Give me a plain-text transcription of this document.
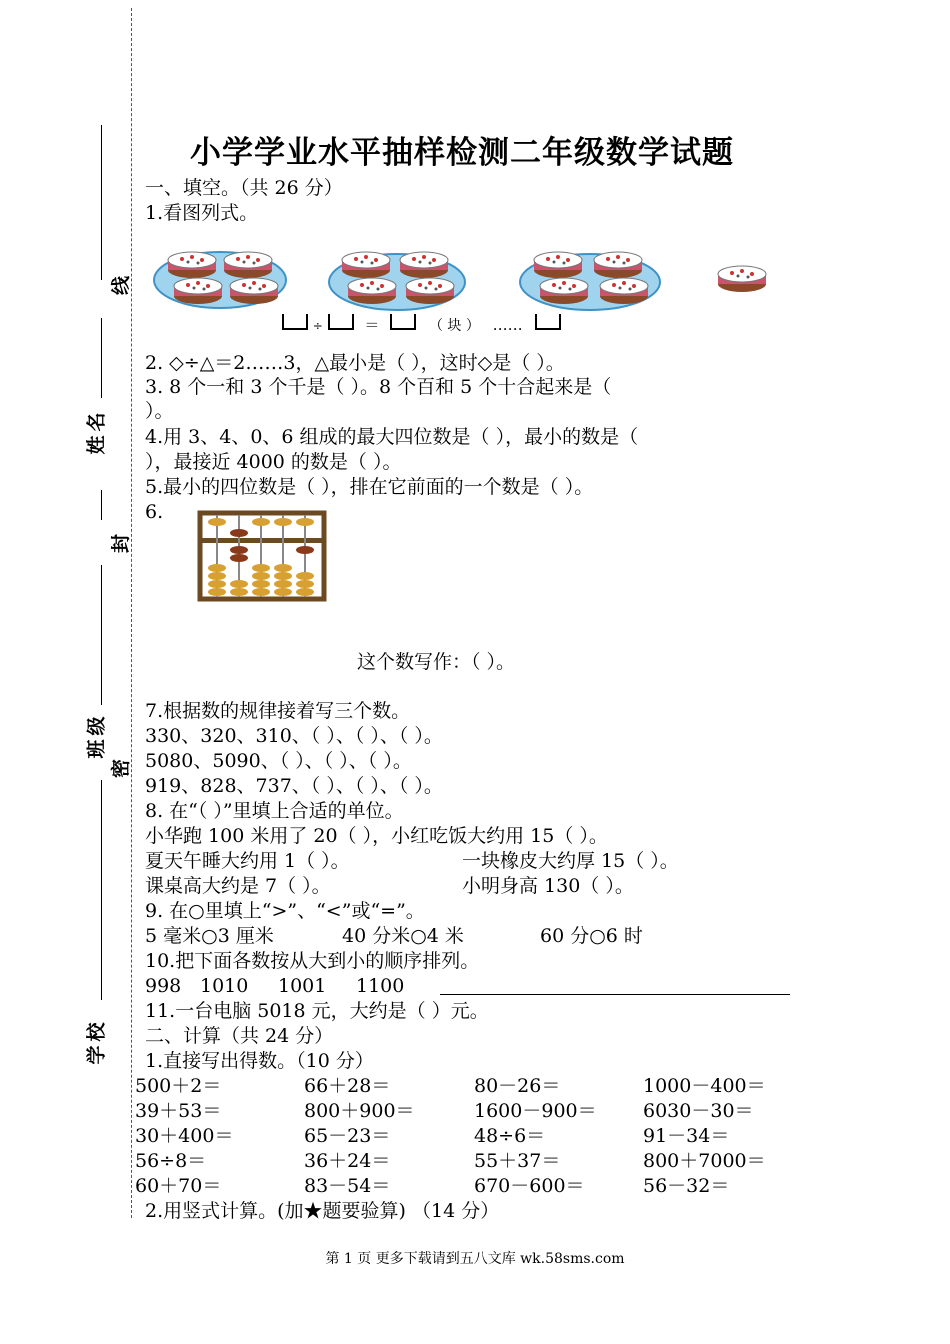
线
姓名
封
班级
密
学校
小学学业水平抽样检测二年级数学试题
一、填空。（共 26 分）
1.看图列式。
÷	＝	（ 块 ） ……
2. ◇÷△＝2……3，△最小是（ ），这时◇是（ ）。
3. 8 个一和 3 个千是（ ）。8 个百和 5 个十合起来是（
）。
4.用 3、4、0、6 组成的最大四位数是（ ），最小的数是（
），最接近 4000 的数是（ ）。
5.最小的四位数是（ ），排在它前面的一个数是（ ）。
6.
这个数写作：（ ）。
7.根据数的规律接着写三个数。
330、320、310、（ ）、（ ）、（ ）。
5080、5090、（ ）、（ ）、（ ）。
919、828、737、（ ）、（ ）、（ ）。
8. 在“（ ）”里填上合适的单位。
小华跑 100 米用了 20（ ），小红吃饭大约用 15（ ）。
夏天午睡大约用 1（ ）。	一块橡皮大约厚 15（ ）。
课桌高大约是 7（ ）。	小明身高 130（ ）。
9. 在○里填上“>”、“<”或“=”。
5 毫米○3 厘米	40 分米○4 米	60 分○6 时
10.把下面各数按从大到小的顺序排列。
998 1010 1001 1100
11.一台电脑 5018 元，大约是（ ）元。
二、计算（共 24 分）
1.直接写出得数。（10 分）
500＋2＝	66＋28＝	80－26＝	1000－400＝
39＋53＝	800＋900＝	1600－900＝ 6030－30＝
30＋400＝	65－23＝	48÷6＝	91－34＝
56÷8＝	36＋24＝	55＋37＝	800＋7000＝
60＋70＝	83－54＝	670－600＝	56－32＝
2.用竖式计算。(加★题要验算) （14 分）
第 1 页 更多下载请到五八文库 wk.58sms.com
